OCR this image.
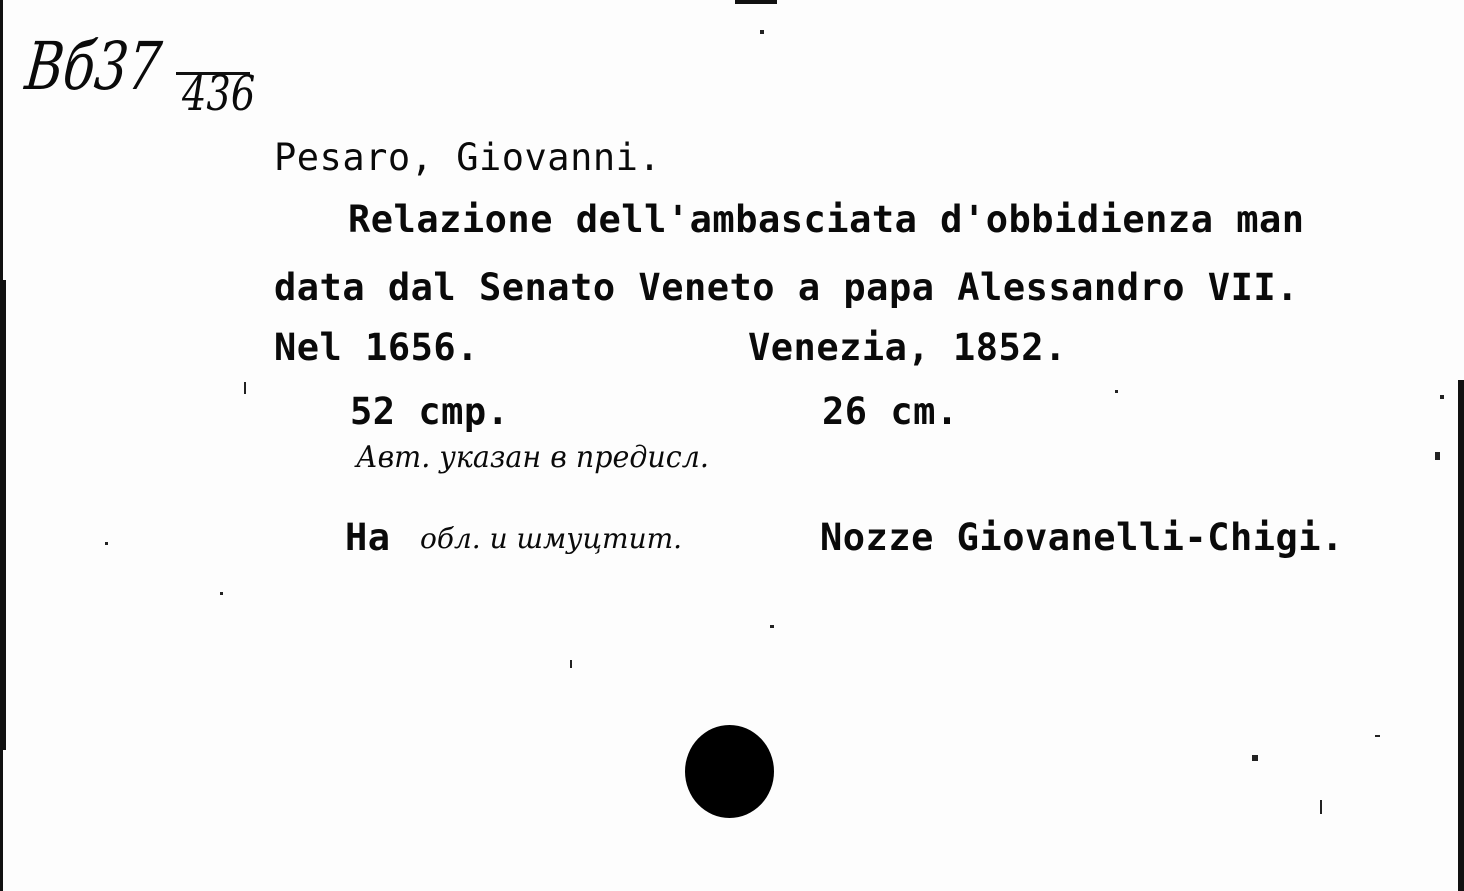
Bб37 436
Pesaro, Giovanni.
Relazione dell'ambasciata d'obbidienza man
data dal Senato Veneto a papa Alessandro VII.
Nel 1656.	Venezia, 1852.
52 cmp.	26 cm.
Авт. указан в предисл.
На обл. и шмуцтит.	Nozze Giovanelli-Chigi.
